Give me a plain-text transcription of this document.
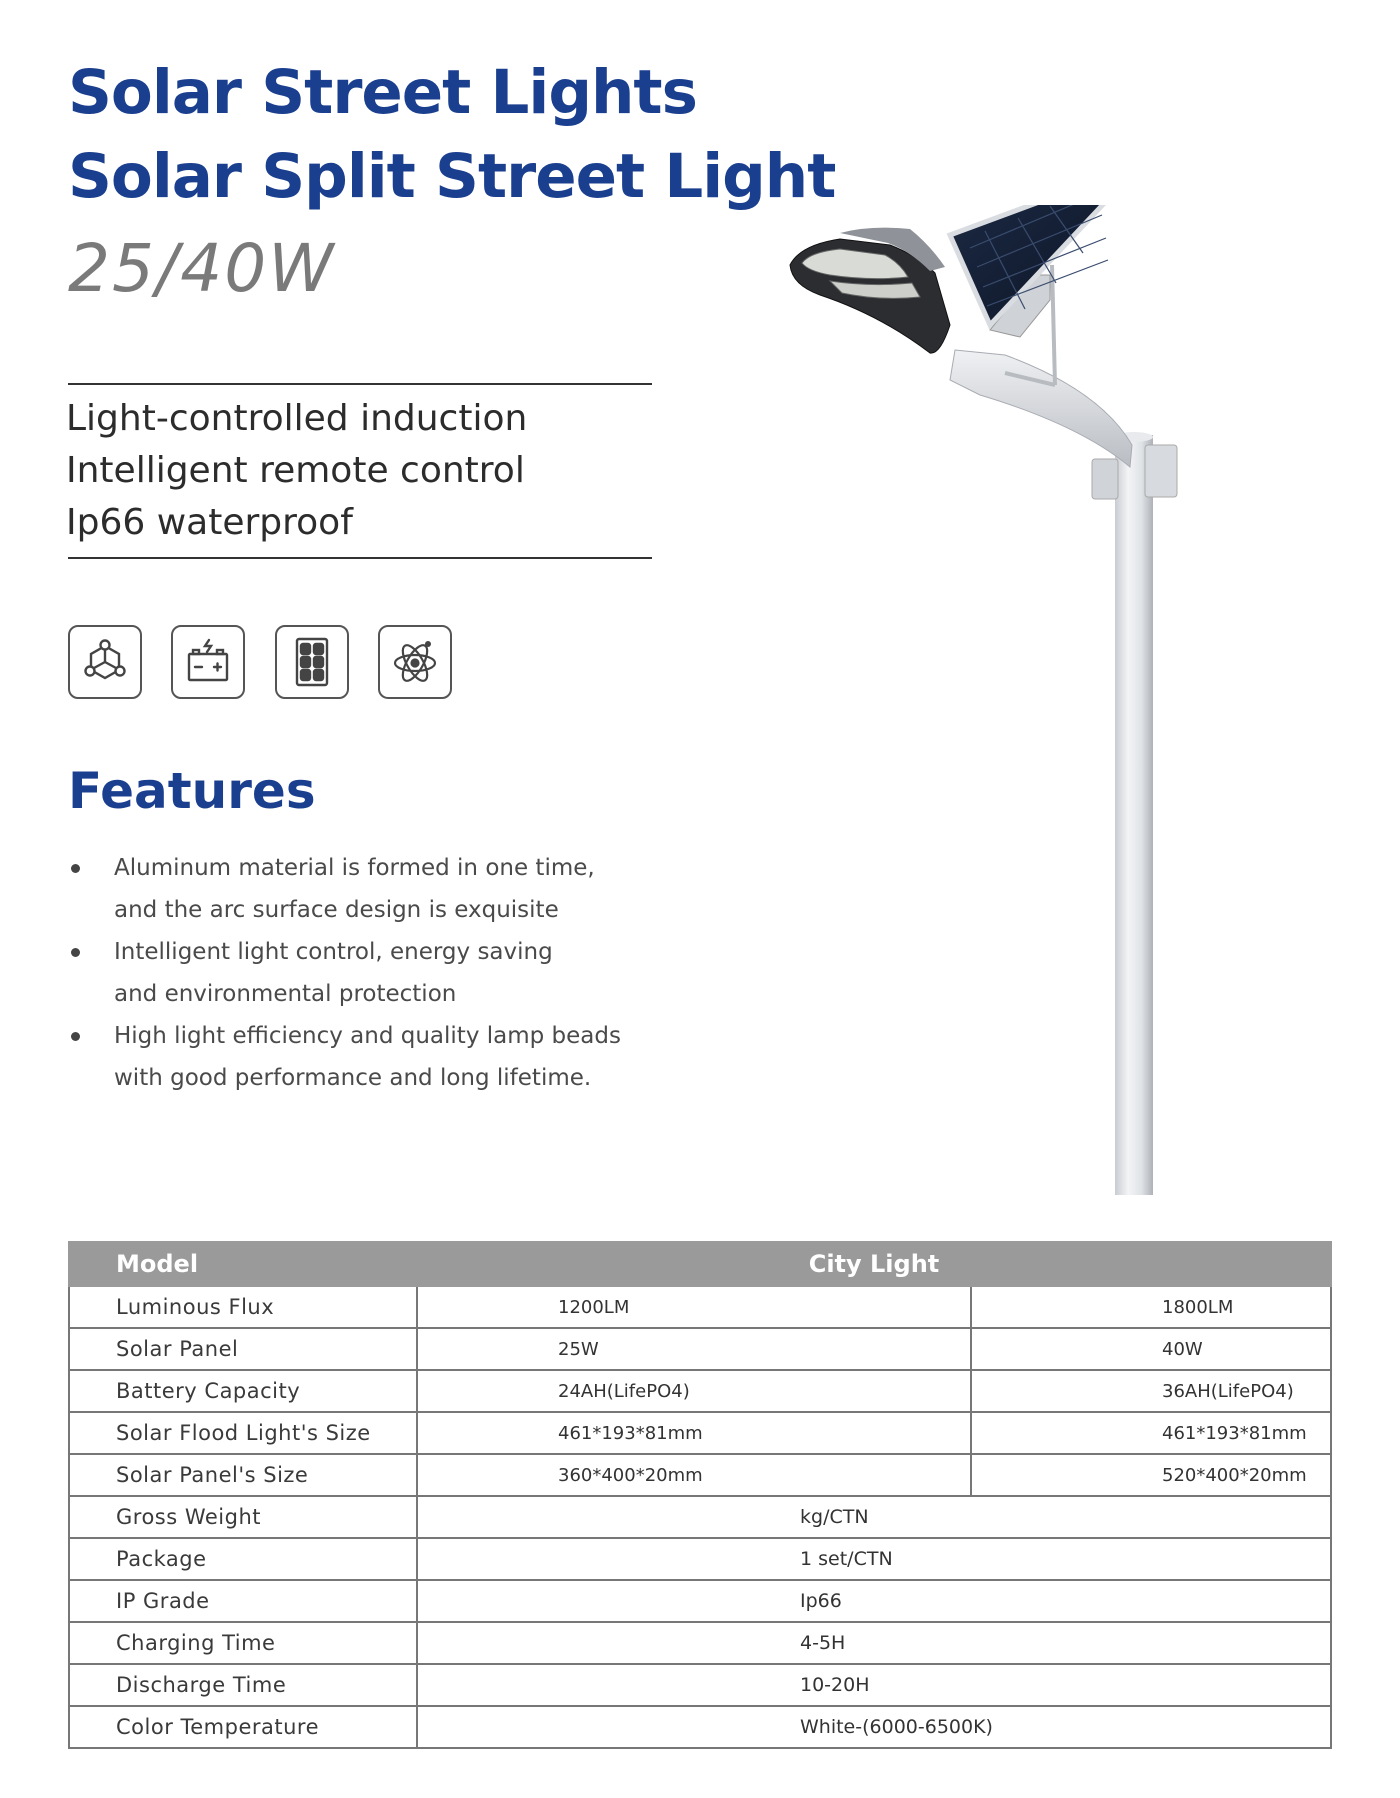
Solar Street Lights
Solar Split Street Light
25/40W
Light-controlled induction
Intelligent remote control
Ip66 waterproof
Features
Aluminum material is formed in one time,
and the arc surface design is exquisite
Intelligent light control, energy saving
and environmental protection
High light efficiency and quality lamp beads
with good performance and long lifetime.
Model	City Light	
Luminous Flux	1200LM	1800LM
Solar Panel	25W	40W
Battery Capacity	24AH(LifePO4)	36AH(LifePO4)
Solar Flood Light's Size	461*193*81mm	461*193*81mm
Solar Panel's Size	360*400*20mm	520*400*20mm
Gross Weight	kg/CTN	
Package	1 set/CTN	
IP Grade	Ip66	
Charging Time	4-5H	
Discharge Time	10-20H	
Color Temperature	White-(6000-6500K)	
